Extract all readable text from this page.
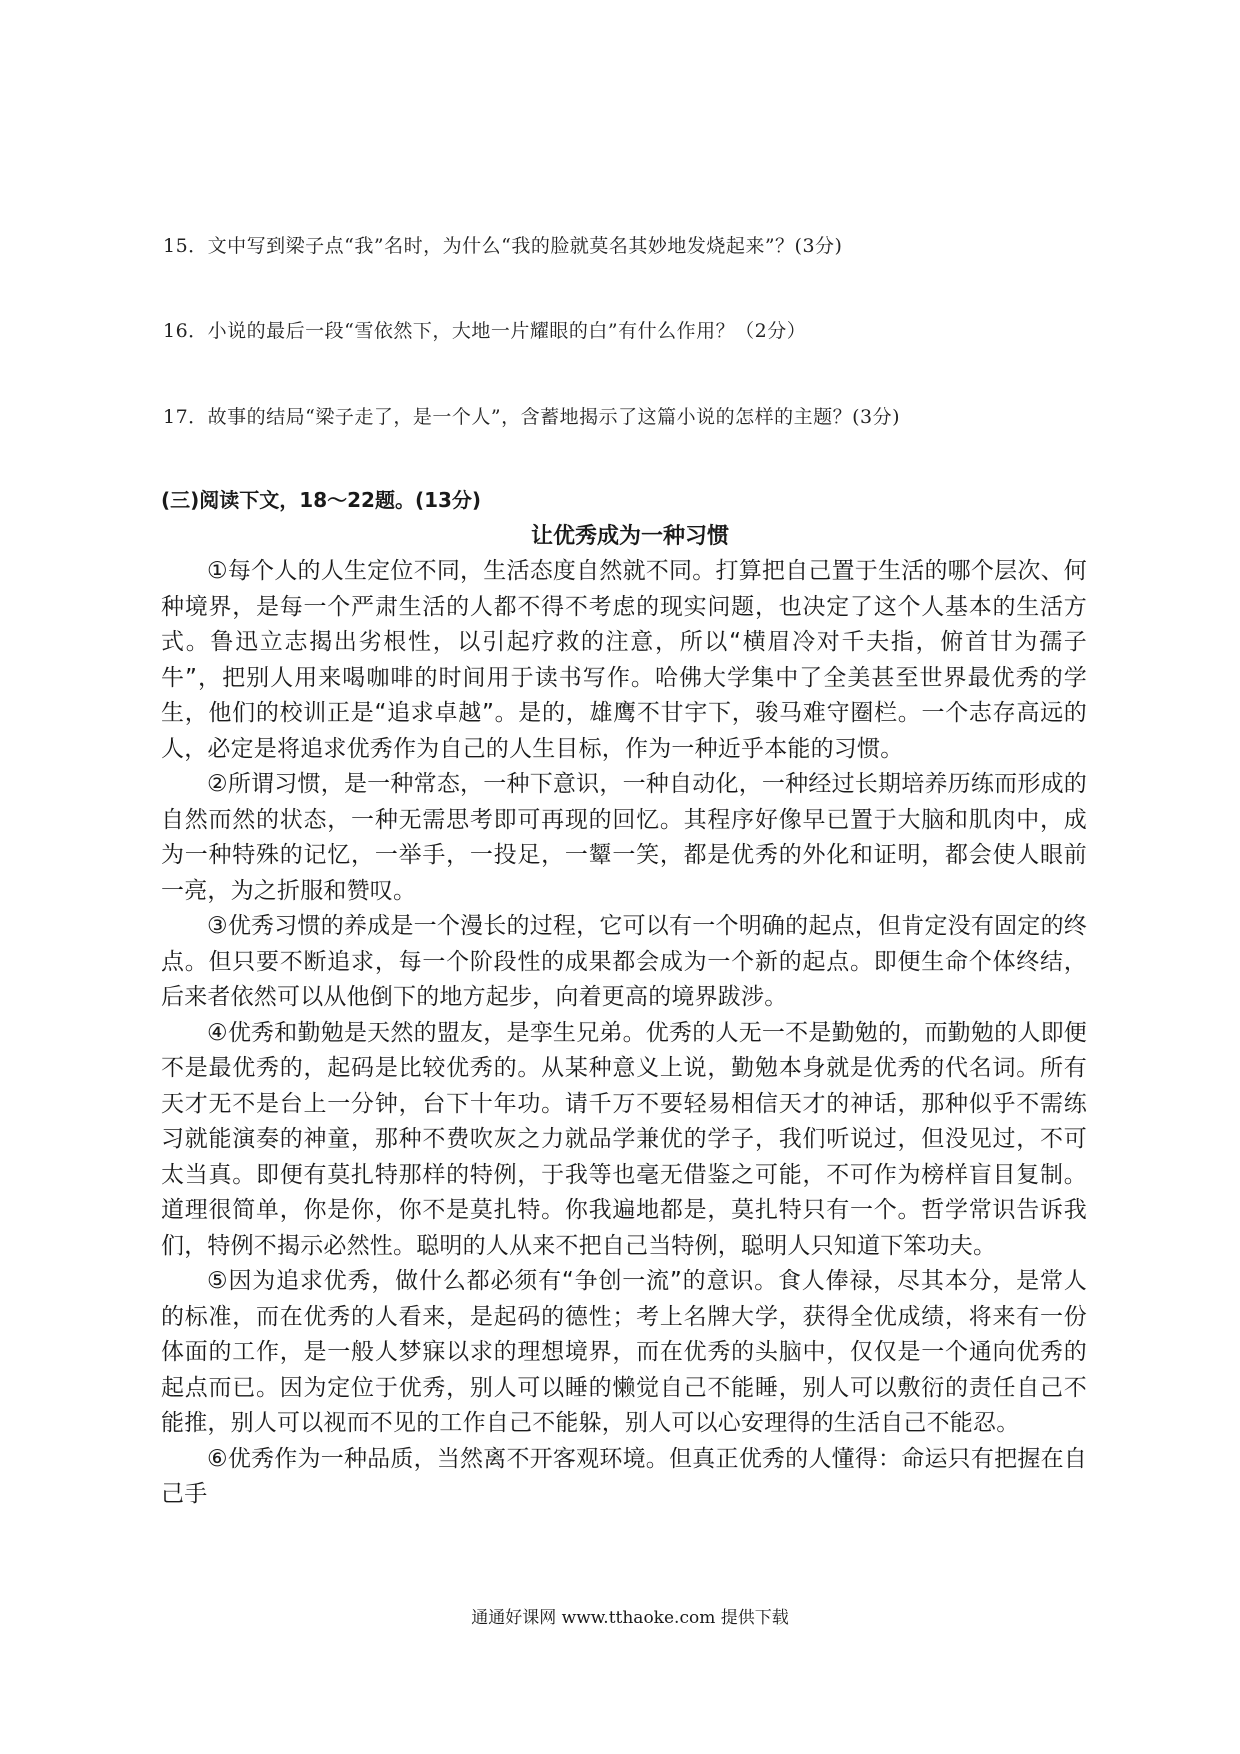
15．文中写到梁子点“我”名时，为什么“我的脸就莫名其妙地发烧起来”？(3分)
16．小说的最后一段“雪依然下，大地一片耀眼的白”有什么作用？（2分）
17．故事的结局“梁子走了，是一个人”，含蓄地揭示了这篇小说的怎样的主题？(3分)
(三)阅读下文，18～22题。(13分)
让优秀成为一种习惯

①每个人的人生定位不同，生活态度自然就不同。打算把自己置于生活的哪个层次、何种境界，是每一个严肃生活的人都不得不考虑的现实问题，也决定了这个人基本的生活方式。鲁迅立志揭出劣根性，以引起疗救的注意，所以“横眉冷对千夫指，俯首甘为孺子牛”，把别人用来喝咖啡的时间用于读书写作。哈佛大学集中了全美甚至世界最优秀的学生，他们的校训正是“追求卓越”。是的，雄鹰不甘宇下，骏马难守圈栏。一个志存高远的人，必定是将追求优秀作为自己的人生目标，作为一种近乎本能的习惯。

②所谓习惯，是一种常态，一种下意识，一种自动化，一种经过长期培养历练而形成的自然而然的状态，一种无需思考即可再现的回忆。其程序好像早已置于大脑和肌肉中，成为一种特殊的记忆，一举手，一投足，一颦一笑，都是优秀的外化和证明，都会使人眼前一亮，为之折服和赞叹。

③优秀习惯的养成是一个漫长的过程，它可以有一个明确的起点，但肯定没有固定的终点。但只要不断追求，每一个阶段性的成果都会成为一个新的起点。即便生命个体终结，后来者依然可以从他倒下的地方起步，向着更高的境界跋涉。

④优秀和勤勉是天然的盟友，是孪生兄弟。优秀的人无一不是勤勉的，而勤勉的人即便不是最优秀的，起码是比较优秀的。从某种意义上说，勤勉本身就是优秀的代名词。所有天才无不是台上一分钟，台下十年功。请千万不要轻易相信天才的神话，那种似乎不需练习就能演奏的神童，那种不费吹灰之力就品学兼优的学子，我们听说过，但没见过，不可太当真。即便有莫扎特那样的特例，于我等也毫无借鉴之可能，不可作为榜样盲目复制。道理很简单，你是你，你不是莫扎特。你我遍地都是，莫扎特只有一个。哲学常识告诉我们，特例不揭示必然性。聪明的人从来不把自己当特例，聪明人只知道下笨功夫。

⑤因为追求优秀，做什么都必须有“争创一流”的意识。食人俸禄，尽其本分，是常人的标准，而在优秀的人看来，是起码的德性；考上名牌大学，获得全优成绩，将来有一份体面的工作，是一般人梦寐以求的理想境界，而在优秀的头脑中，仅仅是一个通向优秀的起点而已。因为定位于优秀，别人可以睡的懒觉自己不能睡，别人可以敷衍的责任自己不能推，别人可以视而不见的工作自己不能躲，别人可以心安理得的生活自己不能忍。

⑥优秀作为一种品质，当然离不开客观环境。但真正优秀的人懂得：命运只有把握在自己手

通通好课网 www.tthaoke.com 提供下载
